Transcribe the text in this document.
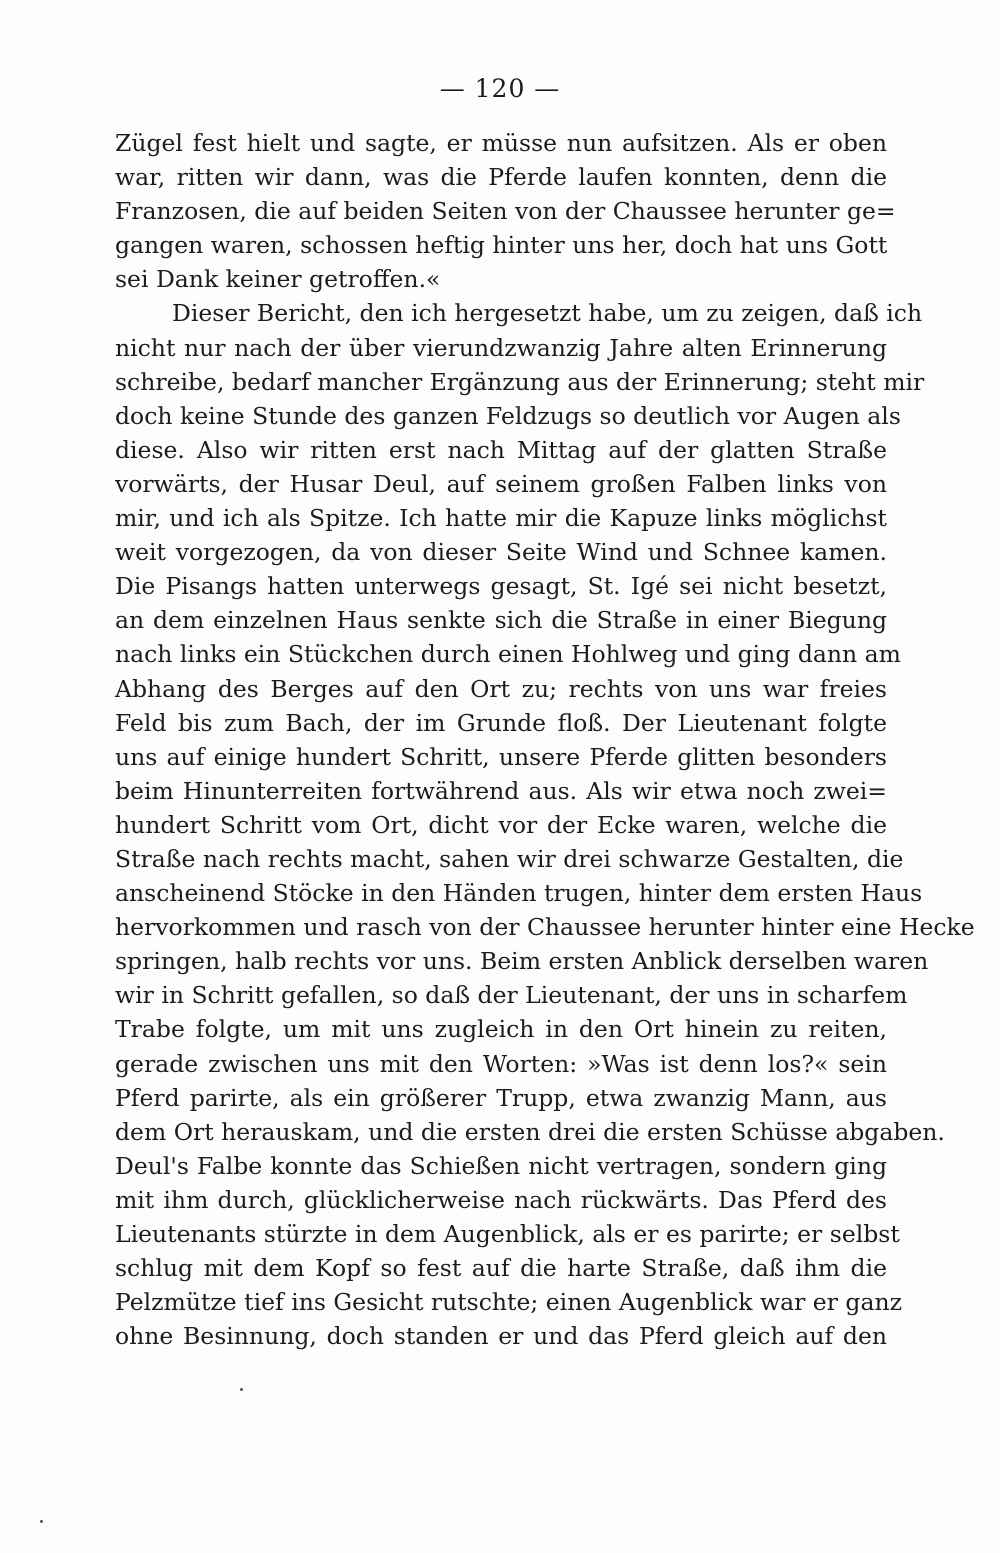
— 120 —
Zügel fest hielt und sagte, er müsse nun aufsitzen. Als er oben
war, ritten wir dann, was die Pferde laufen konnten, denn die
Franzosen, die auf beiden Seiten von der Chaussee herunter ge=
gangen waren, schossen heftig hinter uns her, doch hat uns Gott
sei Dank keiner getroffen.«
Dieser Bericht, den ich hergesetzt habe, um zu zeigen, daß ich
nicht nur nach der über vierundzwanzig Jahre alten Erinnerung
schreibe, bedarf mancher Ergänzung aus der Erinnerung; steht mir
doch keine Stunde des ganzen Feldzugs so deutlich vor Augen als
diese. Also wir ritten erst nach Mittag auf der glatten Straße
vorwärts, der Husar Deul, auf seinem großen Falben links von
mir, und ich als Spitze. Ich hatte mir die Kapuze links möglichst
weit vorgezogen, da von dieser Seite Wind und Schnee kamen.
Die Pisangs hatten unterwegs gesagt, St. Igé sei nicht besetzt,
an dem einzelnen Haus senkte sich die Straße in einer Biegung
nach links ein Stückchen durch einen Hohlweg und ging dann am
Abhang des Berges auf den Ort zu; rechts von uns war freies
Feld bis zum Bach, der im Grunde floß. Der Lieutenant folgte
uns auf einige hundert Schritt, unsere Pferde glitten besonders
beim Hinunterreiten fortwährend aus. Als wir etwa noch zwei=
hundert Schritt vom Ort, dicht vor der Ecke waren, welche die
Straße nach rechts macht, sahen wir drei schwarze Gestalten, die
anscheinend Stöcke in den Händen trugen, hinter dem ersten Haus
hervorkommen und rasch von der Chaussee herunter hinter eine Hecke
springen, halb rechts vor uns. Beim ersten Anblick derselben waren
wir in Schritt gefallen, so daß der Lieutenant, der uns in scharfem
Trabe folgte, um mit uns zugleich in den Ort hinein zu reiten,
gerade zwischen uns mit den Worten: »Was ist denn los?« sein
Pferd parirte, als ein größerer Trupp, etwa zwanzig Mann, aus
dem Ort herauskam, und die ersten drei die ersten Schüsse abgaben.
Deul's Falbe konnte das Schießen nicht vertragen, sondern ging
mit ihm durch, glücklicherweise nach rückwärts. Das Pferd des
Lieutenants stürzte in dem Augenblick, als er es parirte; er selbst
schlug mit dem Kopf so fest auf die harte Straße, daß ihm die
Pelzmütze tief ins Gesicht rutschte; einen Augenblick war er ganz
ohne Besinnung, doch standen er und das Pferd gleich auf den
